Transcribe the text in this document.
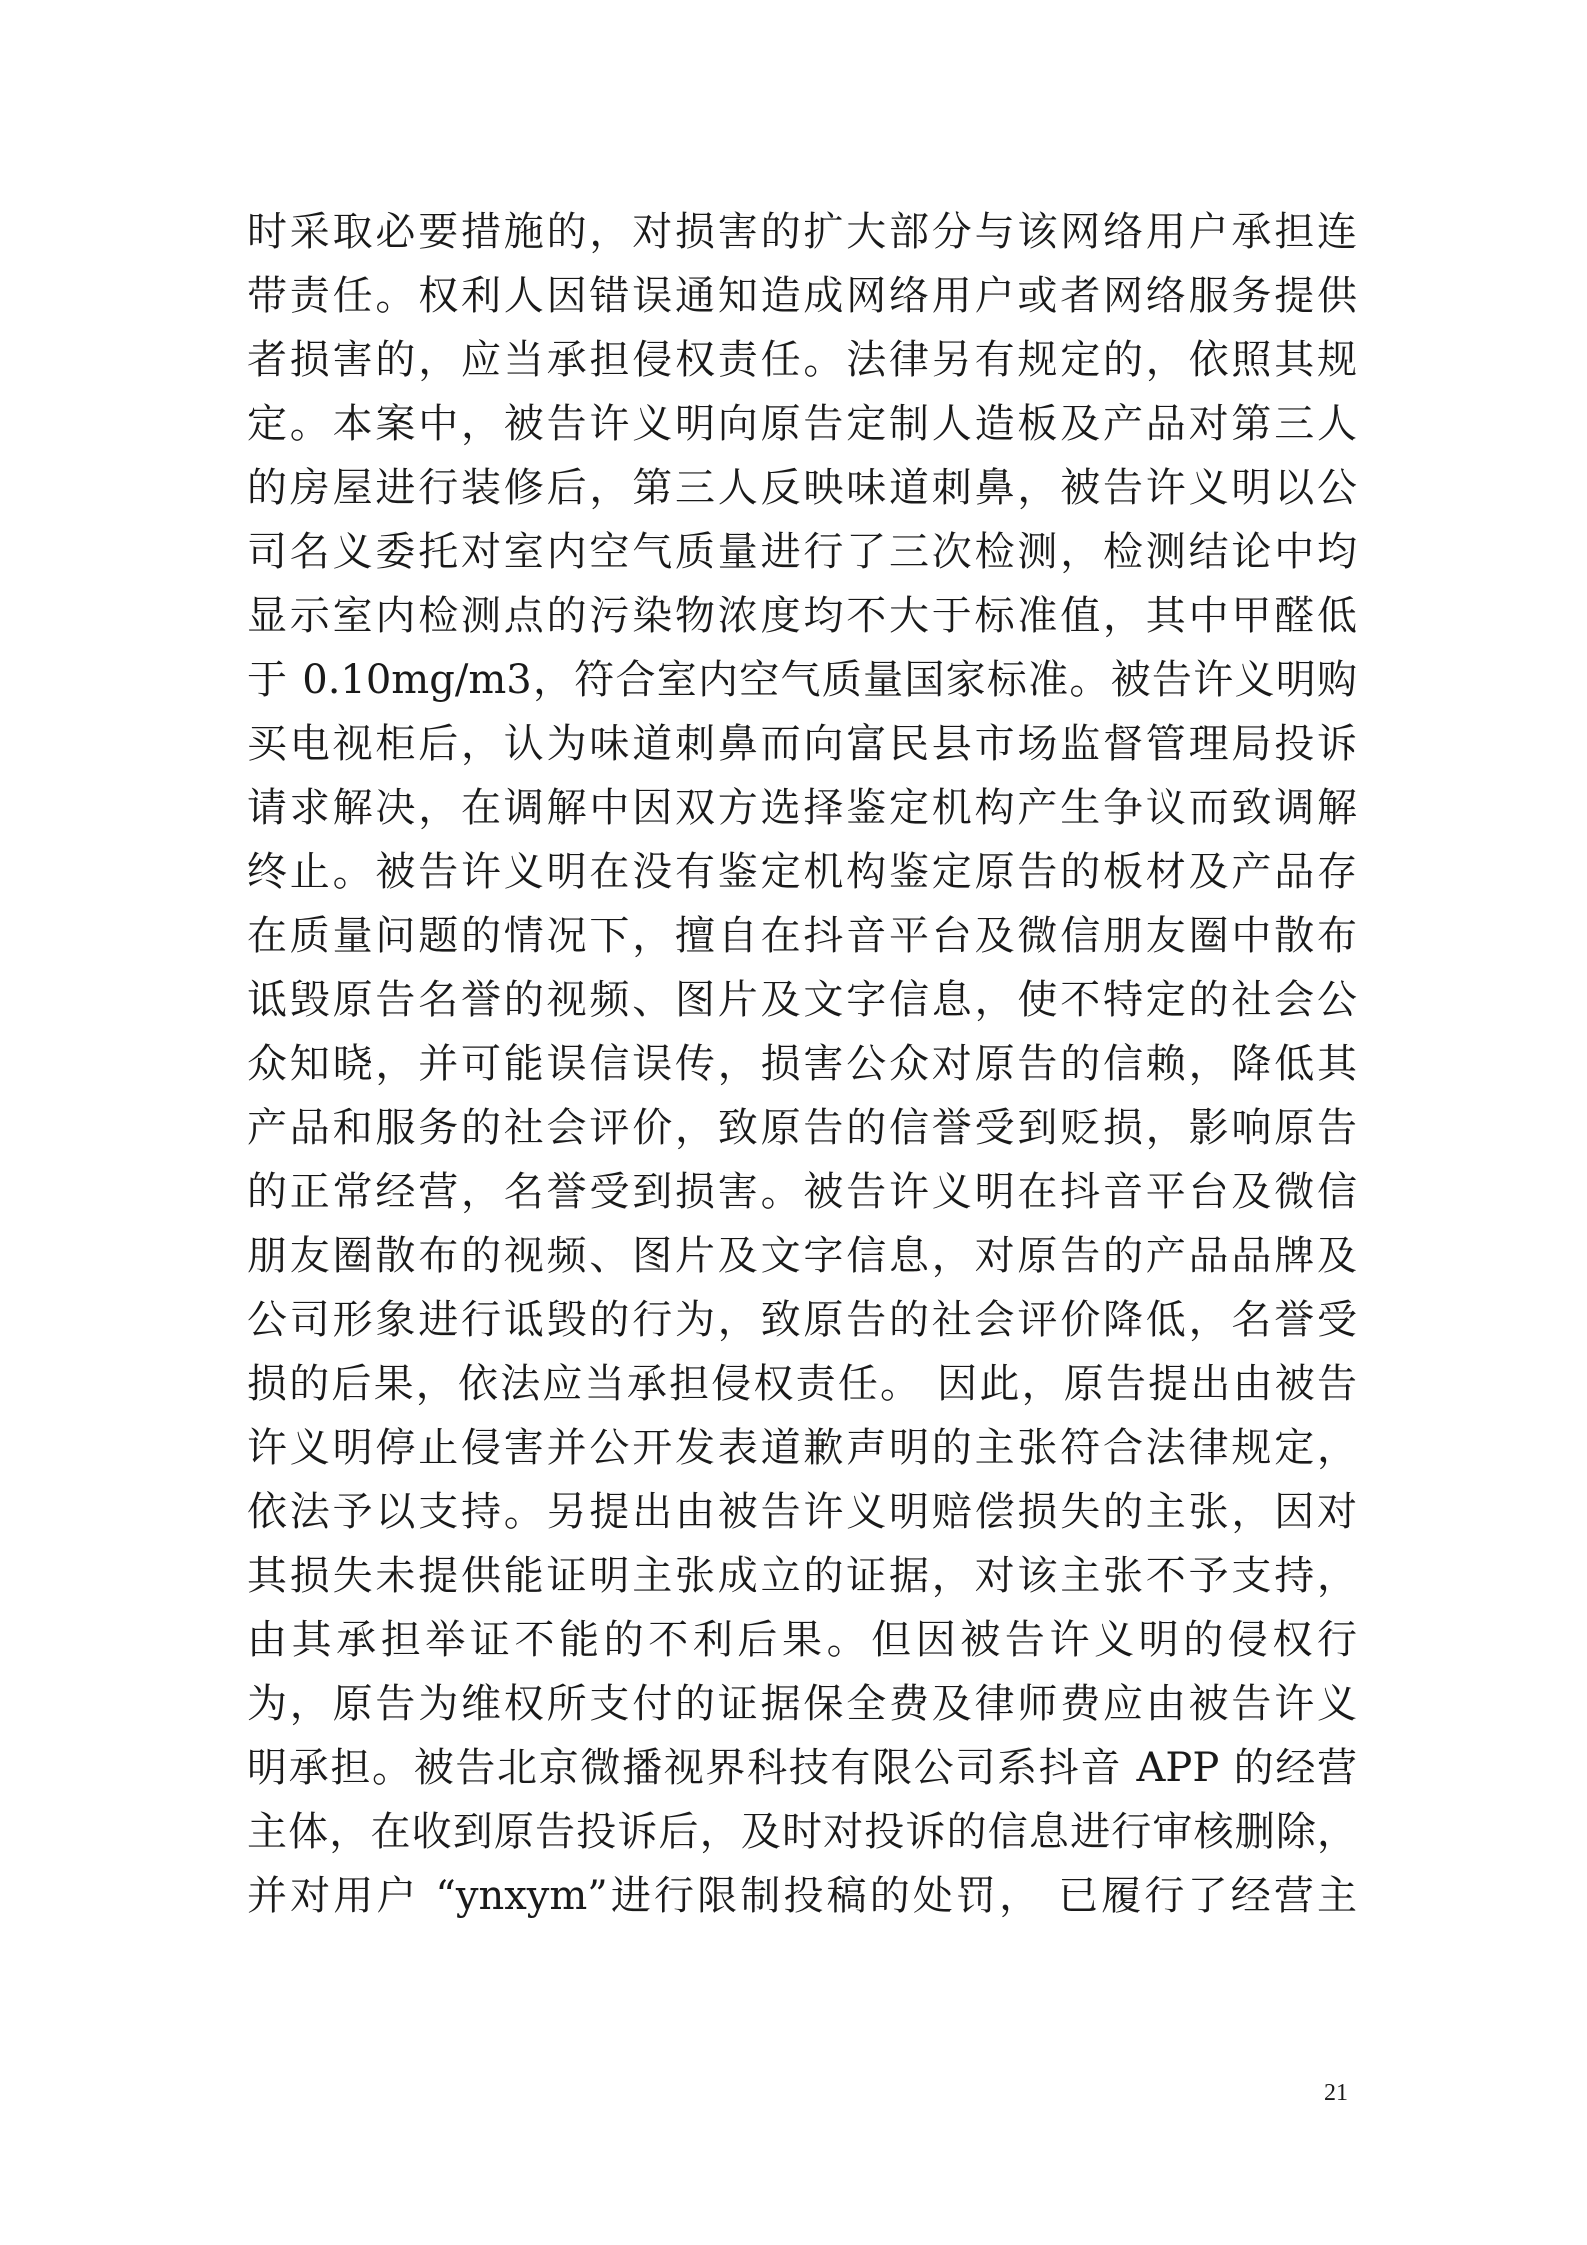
时采取必要措施的，对损害的扩大部分与该网络用户承担连
带责任。权利人因错误通知造成网络用户或者网络服务提供
者损害的，应当承担侵权责任。法律另有规定的，依照其规
定。本案中，被告许义明向原告定制人造板及产品对第三人
的房屋进行装修后，第三人反映味道刺鼻，被告许义明以公
司名义委托对室内空气质量进行了三次检测，检测结论中均
显示室内检测点的污染物浓度均不大于标准值，其中甲醛低
于 0.10mg/m3，符合室内空气质量国家标准。被告许义明购
买电视柜后，认为味道刺鼻而向富民县市场监督管理局投诉
请求解决，在调解中因双方选择鉴定机构产生争议而致调解
终止。被告许义明在没有鉴定机构鉴定原告的板材及产品存
在质量问题的情况下，擅自在抖音平台及微信朋友圈中散布
诋毁原告名誉的视频、图片及文字信息，使不特定的社会公
众知晓，并可能误信误传，损害公众对原告的信赖，降低其
产品和服务的社会评价，致原告的信誉受到贬损，影响原告
的正常经营，名誉受到损害。被告许义明在抖音平台及微信
朋友圈散布的视频、图片及文字信息，对原告的产品品牌及
公司形象进行诋毁的行为，致原告的社会评价降低，名誉受
损的后果，依法应当承担侵权责任。 因此，原告提出由被告
许义明停止侵害并公开发表道歉声明的主张符合法律规定，
依法予以支持。另提出由被告许义明赔偿损失的主张，因对
其损失未提供能证明主张成立的证据，对该主张不予支持，
由其承担举证不能的不利后果。但因被告许义明的侵权行
为，原告为维权所支付的证据保全费及律师费应由被告许义
明承担。被告北京微播视界科技有限公司系抖音 APP 的经营
主体，在收到原告投诉后，及时对投诉的信息进行审核删除，
并对用户 “ynxym”进行限制投稿的处罚， 已履行了经营主
21
